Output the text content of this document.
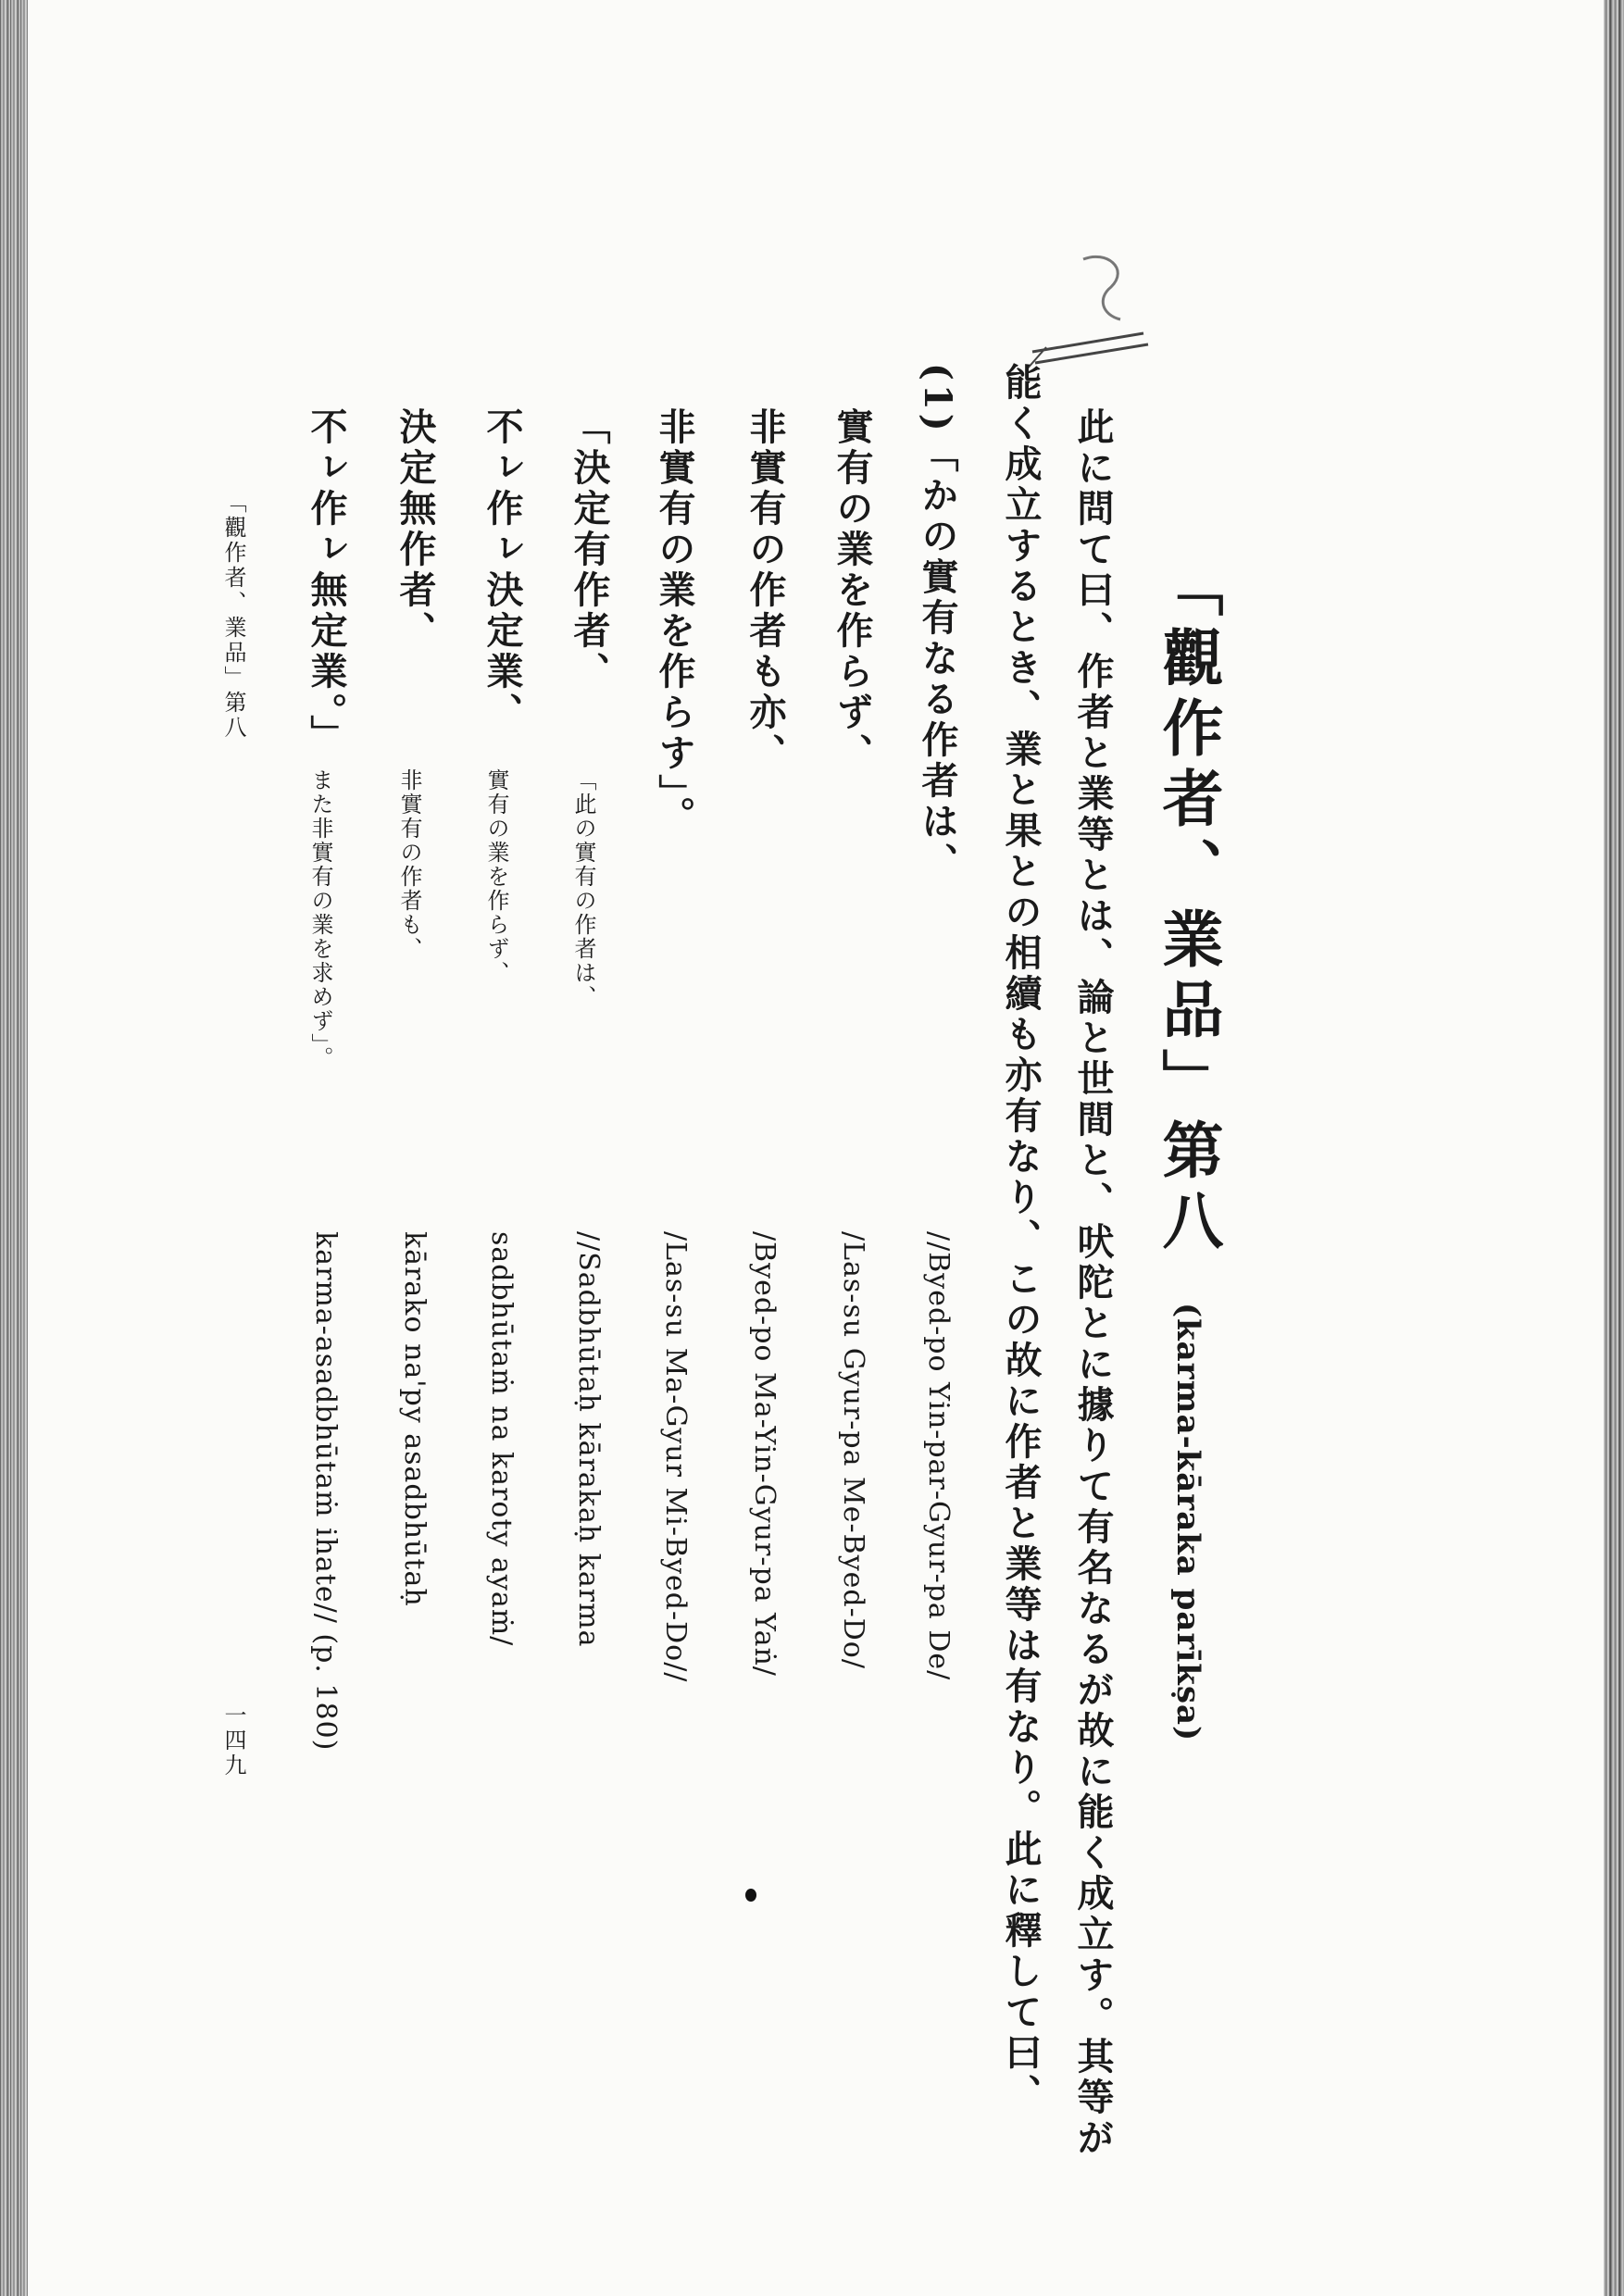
「觀作者、業品」第八 (karma-kāraka parīkṣa)
此に問て曰、作者と業等とは、論と世間と、吠陀とに據りて有名なるが故に能く成立す。其等が
能く成立するとき、業と果との相續も亦有なり、この故に作者と業等は有なり。此に釋して曰、
(1)「かの實有なる作者は、
實有の業を作らず、
非實有の作者も亦、
非實有の業を作らす」。
//Byed-po Yin-par-Gyur-pa De/
/Las-su Gyur-pa Me-Byed-Do/
/Byed-po Ma-Yin-Gyur-pa Yaṅ/
/Las-su Ma-Gyur Mi-Byed-Do//
「決定有作者、
不ㇾ作ㇾ決定業、
決定無作者、
不ㇾ作ㇾ無定業。」
「此の實有の作者は、
實有の業を作らず、
非實有の作者も、
また非實有の業を求めず」。
//Sadbhūtaḥ kārakaḥ karma
sadbhūtaṁ na karoty ayaṁ/
kārako na'py asadbhūtaḥ
karma-asadbhūtaṁ ihate// (p. 180)
「觀作者、業品」第八
一四九
